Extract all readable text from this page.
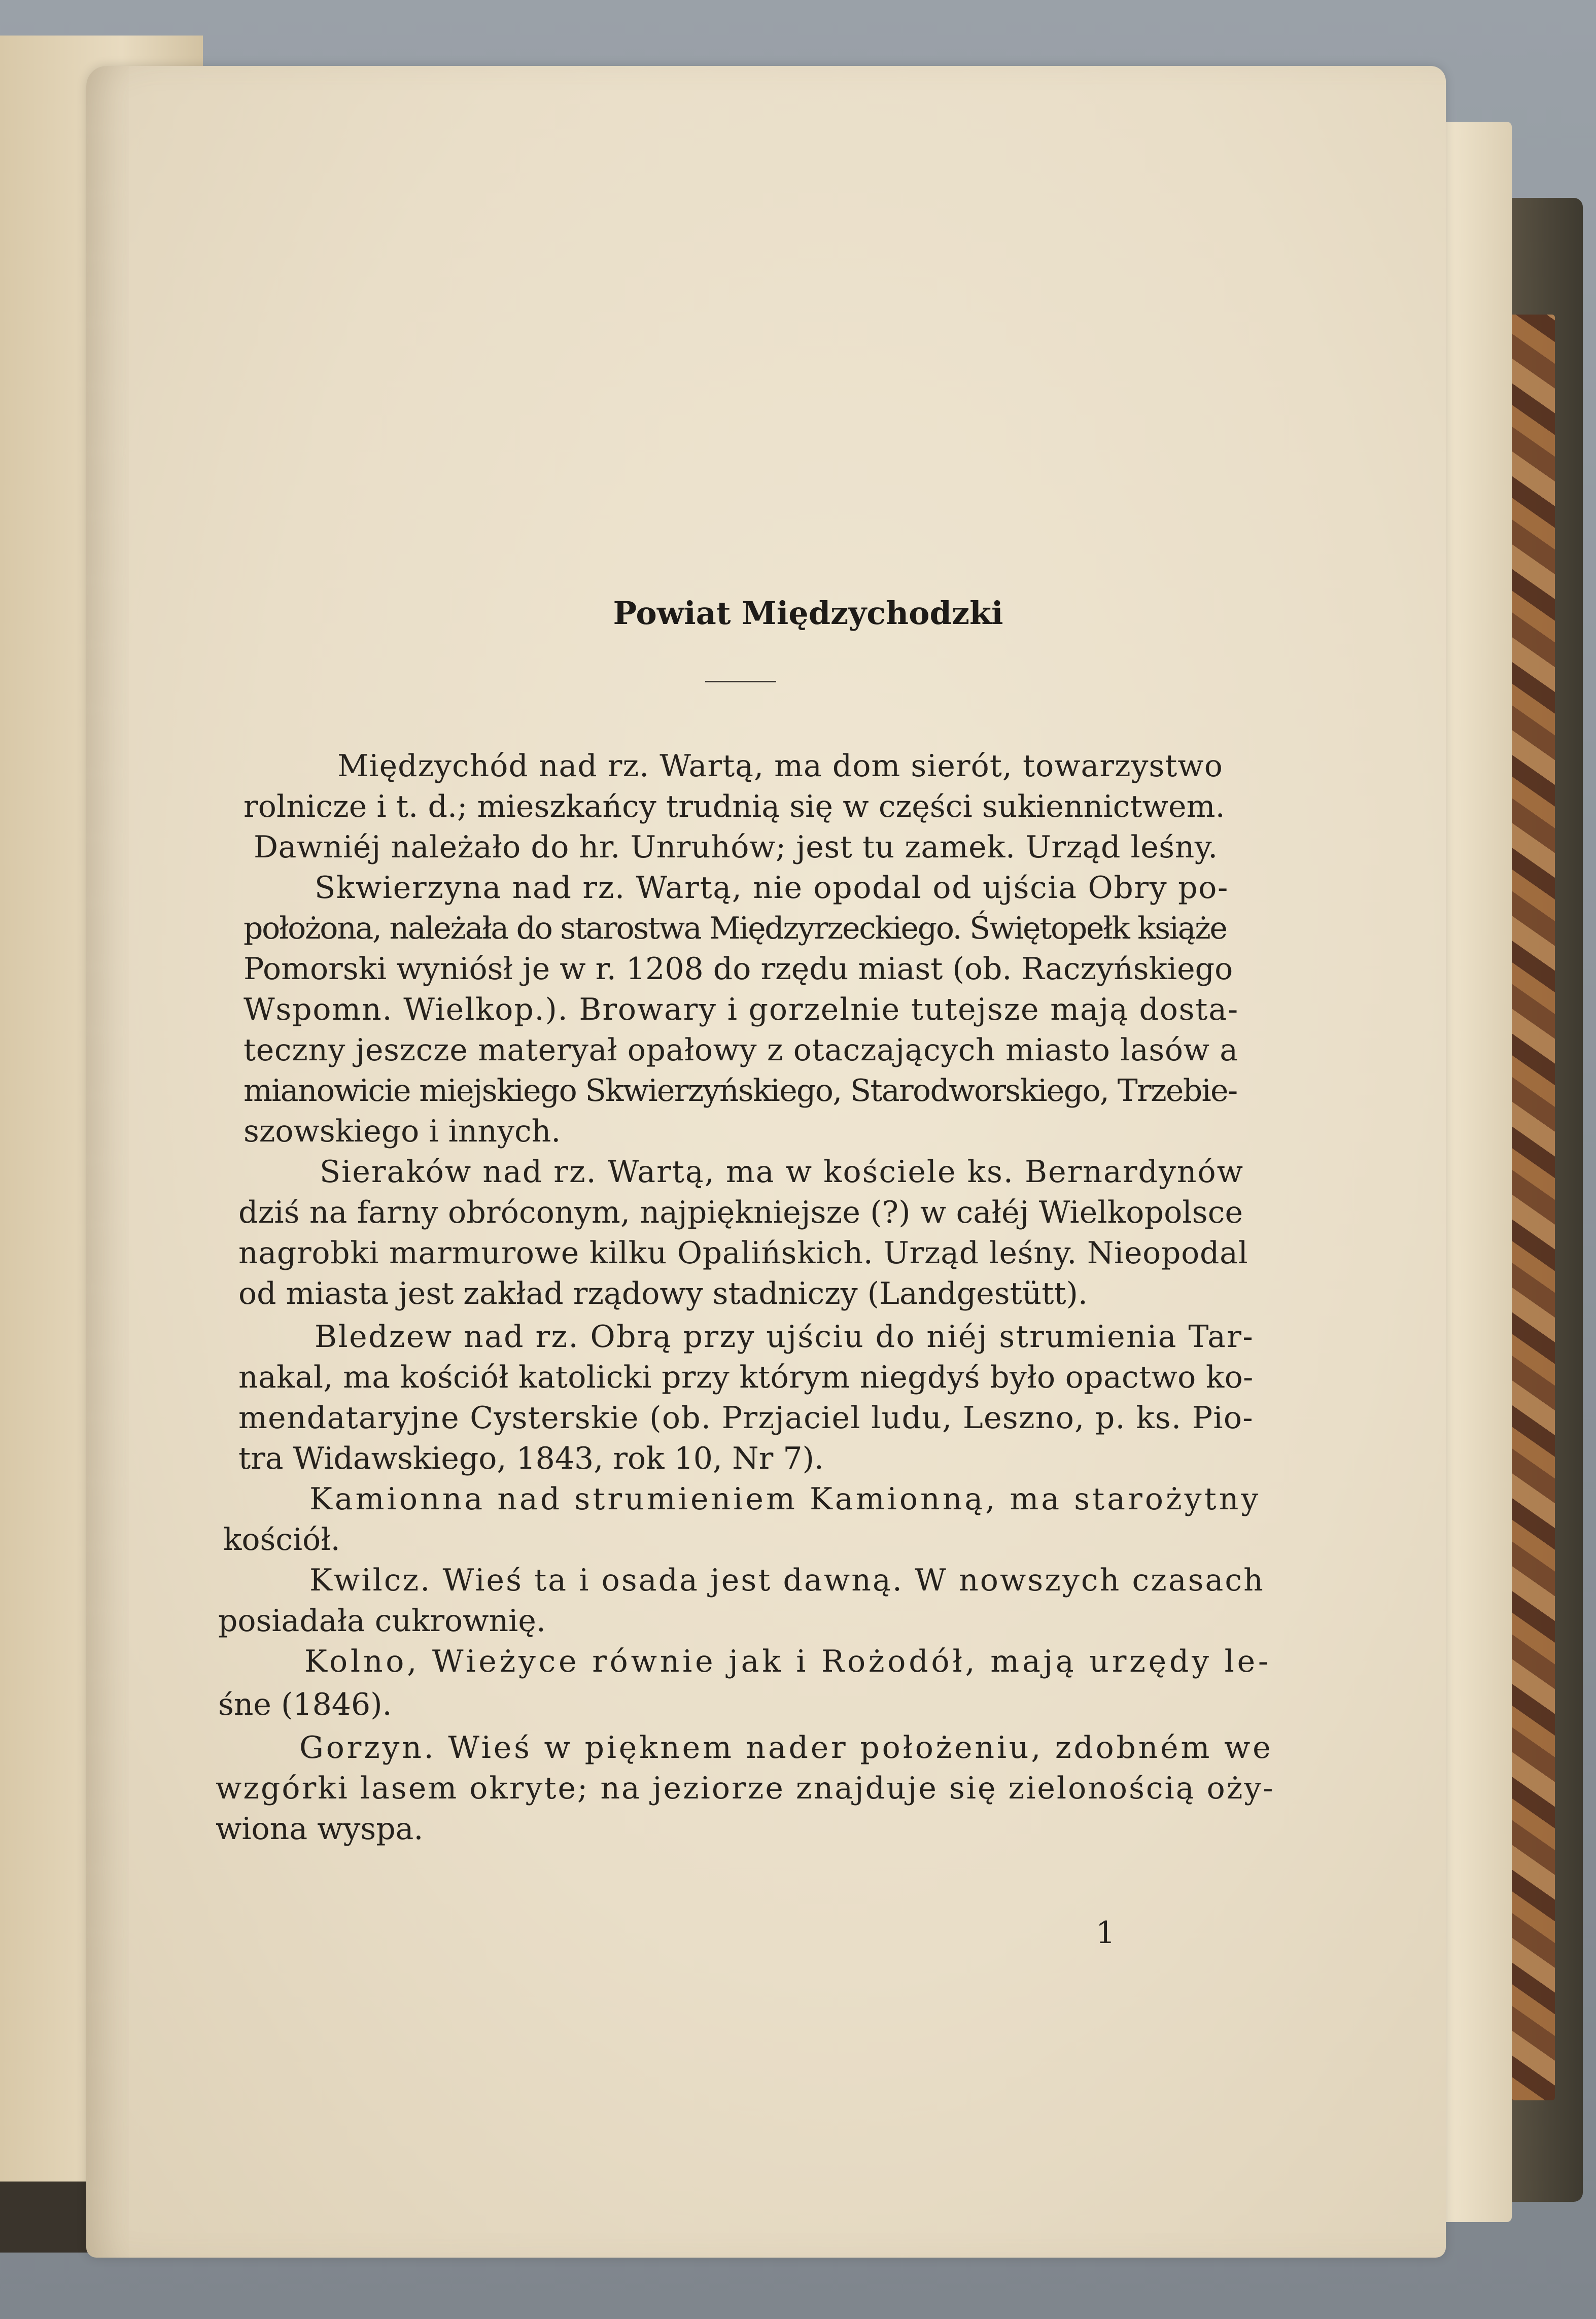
Powiat Międzychodzki
Międzychód nad rz. Wartą, ma dom sierót, towarzystwo
rolnicze i t. d.; mieszkańcy trudnią się w części sukiennictwem.
Dawniéj należało do hr. Unruhów; jest tu zamek. Urząd leśny.
Skwierzyna nad rz. Wartą, nie opodal od ujścia Obry po-
położona, należała do starostwa Międzyrzeckiego. Świętopełk książe
Pomorski wyniósł je w r. 1208 do rzędu miast (ob. Raczyńskiego
Wspomn. Wielkop.). Browary i gorzelnie tutejsze mają dosta-
teczny jeszcze materyał opałowy z otaczających miasto lasów a
mianowicie miejskiego Skwierzyńskiego, Starodworskiego, Trzebie-
szowskiego i innych.
Sieraków nad rz. Wartą, ma w kościele ks. Bernardynów
dziś na farny obróconym, najpiękniejsze (?) w całéj Wielkopolsce
nagrobki marmurowe kilku Opalińskich. Urząd leśny. Nieopodal
od miasta jest zakład rządowy stadniczy (Landgestütt).
Bledzew nad rz. Obrą przy ujściu do niéj strumienia Tar-
nakal, ma kościół katolicki przy którym niegdyś było opactwo ko-
mendataryjne Cysterskie (ob. Przjaciel ludu, Leszno, p. ks. Pio-
tra Widawskiego, 1843, rok 10, Nr 7).
Kamionna nad strumieniem Kamionną, ma starożytny
kościół.
Kwilcz. Wieś ta i osada jest dawną. W nowszych czasach
posiadała cukrownię.
Kolno, Wieżyce równie jak i Rożodół, mają urzędy le-
śne (1846).
Gorzyn. Wieś w pięknem nader położeniu, zdobném we
wzgórki lasem okryte; na jeziorze znajduje się zielonością oży-
wiona wyspa.
1
